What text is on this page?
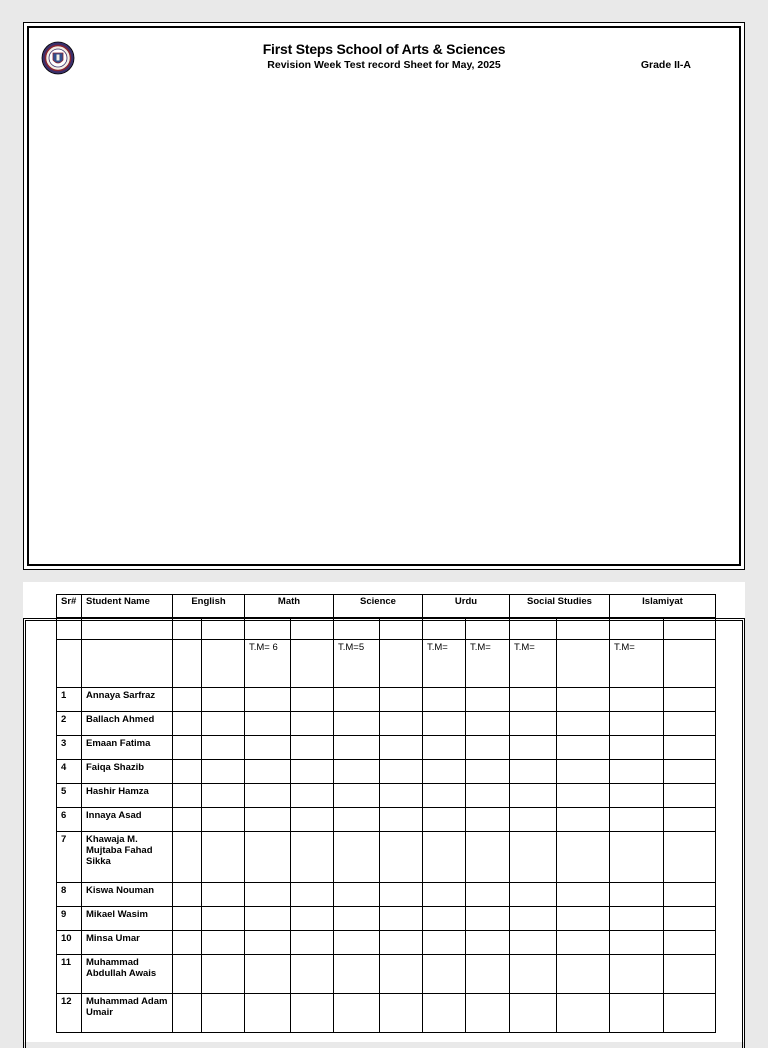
First Steps School of Arts & Sciences
Revision Week Test record Sheet for May, 2025	Grade II-A
Sr#	Student Name	English		Math		Science		Urdu		Social Studies		Islamiyat	

				T.M= 6		T.M=5		T.M=	T.M=	T.M=		T.M=	
1	Annaya Sarfraz												
2	Ballach Ahmed												
3	Emaan Fatima												
4	Faiqa Shazib												
5	Hashir Hamza												
6	Innaya Asad												
7	Khawaja M. Mujtaba Fahad Sikka												
8	Kiswa Nouman												
9	Mikael Wasim												
10	Minsa Umar												
11	Muhammad Abdullah Awais												
12	Muhammad Adam Umair												
